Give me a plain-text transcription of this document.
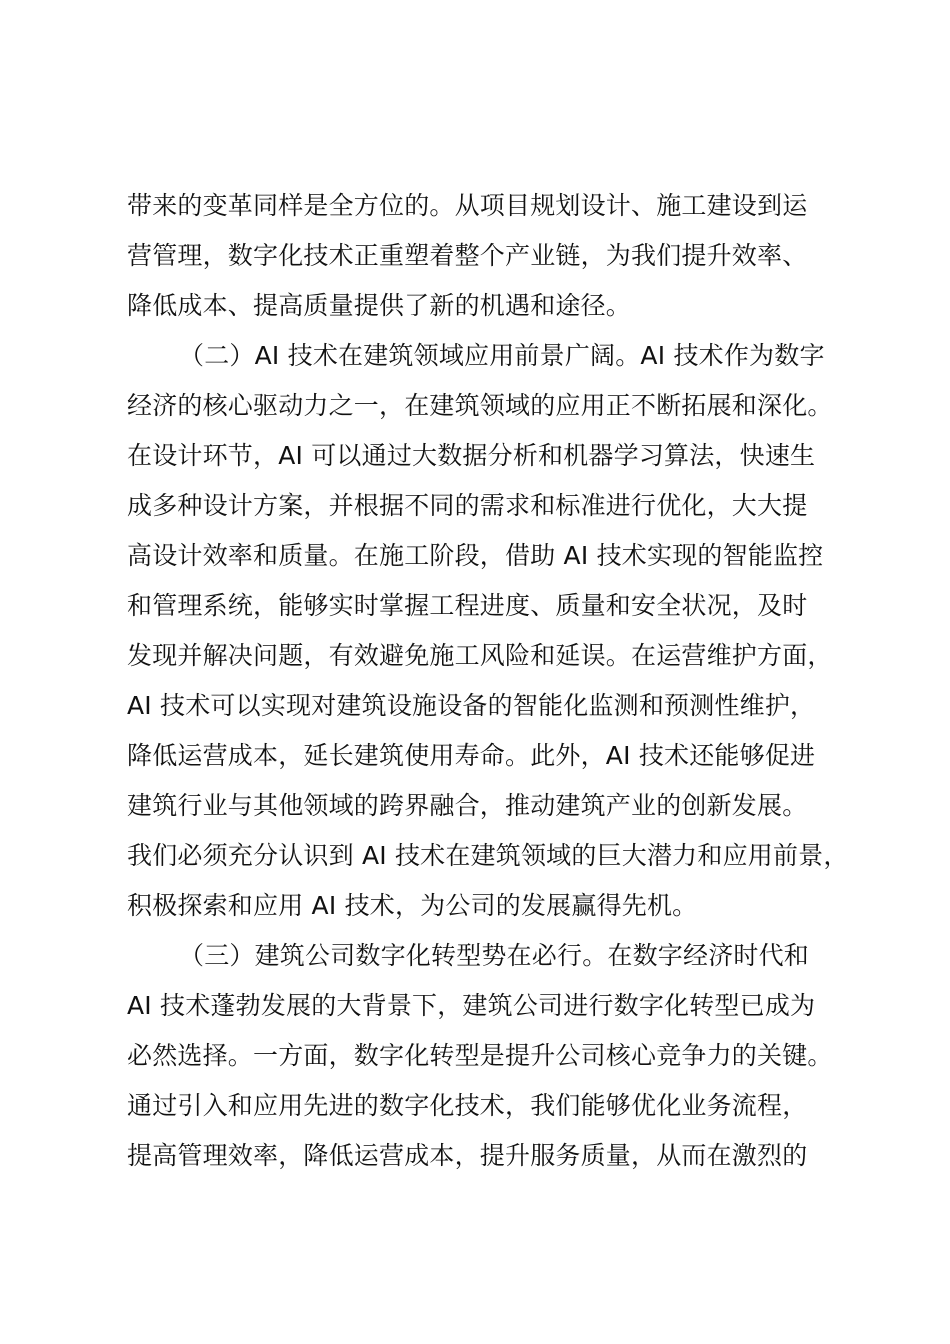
带来的变革同样是全方位的。从项目规划设计、施工建设到运
营管理，数字化技术正重塑着整个产业链，为我们提升效率、
降低成本、提高质量提供了新的机遇和途径。
（二）AI 技术在建筑领域应用前景广阔。AI 技术作为数字
经济的核心驱动力之一，在建筑领域的应用正不断拓展和深化。
在设计环节，AI 可以通过大数据分析和机器学习算法，快速生
成多种设计方案，并根据不同的需求和标准进行优化，大大提
高设计效率和质量。在施工阶段，借助 AI 技术实现的智能监控
和管理系统，能够实时掌握工程进度、质量和安全状况，及时
发现并解决问题，有效避免施工风险和延误。在运营维护方面，
AI 技术可以实现对建筑设施设备的智能化监测和预测性维护，
降低运营成本，延长建筑使用寿命。此外，AI 技术还能够促进
建筑行业与其他领域的跨界融合，推动建筑产业的创新发展。
我们必须充分认识到 AI 技术在建筑领域的巨大潜力和应用前景，
积极探索和应用 AI 技术，为公司的发展赢得先机。
（三）建筑公司数字化转型势在必行。在数字经济时代和
AI 技术蓬勃发展的大背景下，建筑公司进行数字化转型已成为
必然选择。一方面，数字化转型是提升公司核心竞争力的关键。
通过引入和应用先进的数字化技术，我们能够优化业务流程，
提高管理效率，降低运营成本，提升服务质量，从而在激烈的
